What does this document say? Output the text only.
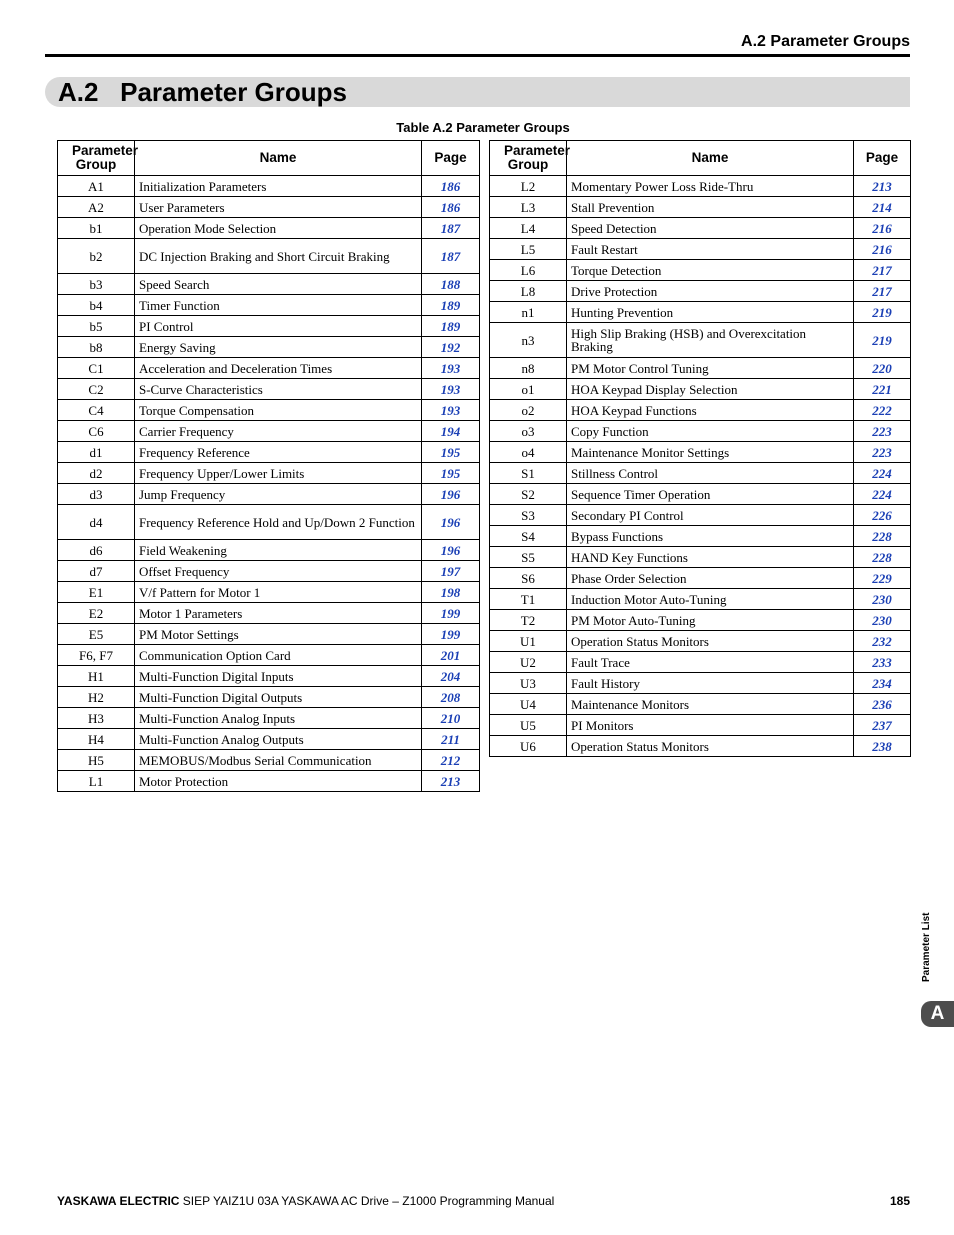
A.2 Parameter Groups
A.2   Parameter Groups
Table A.2 Parameter Groups
Parameter Group	Name	Page
A1	Initialization Parameters	186
A2	User Parameters	186
b1	Operation Mode Selection	187
b2	DC Injection Braking and Short Circuit Braking	187
b3	Speed Search	188
b4	Timer Function	189
b5	PI Control	189
b8	Energy Saving	192
C1	Acceleration and Deceleration Times	193
C2	S-Curve Characteristics	193
C4	Torque Compensation	193
C6	Carrier Frequency	194
d1	Frequency Reference	195
d2	Frequency Upper/Lower Limits	195
d3	Jump Frequency	196
d4	Frequency Reference Hold and Up/Down 2 Function	196
d6	Field Weakening	196
d7	Offset Frequency	197
E1	V/f Pattern for Motor 1	198
E2	Motor 1 Parameters	199
E5	PM Motor Settings	199
F6, F7	Communication Option Card	201
H1	Multi-Function Digital Inputs	204
H2	Multi-Function Digital Outputs	208
H3	Multi-Function Analog Inputs	210
H4	Multi-Function Analog Outputs	211
H5	MEMOBUS/Modbus Serial Communication	212
L1	Motor Protection	213
Parameter Group	Name	Page
L2	Momentary Power Loss Ride-Thru	213
L3	Stall Prevention	214
L4	Speed Detection	216
L5	Fault Restart	216
L6	Torque Detection	217
L8	Drive Protection	217
n1	Hunting Prevention	219
n3	High Slip Braking (HSB) and Overexcitation Braking	219
n8	PM Motor Control Tuning	220
o1	HOA Keypad Display Selection	221
o2	HOA Keypad Functions	222
o3	Copy Function	223
o4	Maintenance Monitor Settings	223
S1	Stillness Control	224
S2	Sequence Timer Operation	224
S3	Secondary PI Control	226
S4	Bypass Functions	228
S5	HAND Key Functions	228
S6	Phase Order Selection	229
T1	Induction Motor Auto-Tuning	230
T2	PM Motor Auto-Tuning	230
U1	Operation Status Monitors	232
U2	Fault Trace	233
U3	Fault History	234
U4	Maintenance Monitors	236
U5	PI Monitors	237
U6	Operation Status Monitors	238
Parameter List
A
YASKAWA ELECTRIC SIEP YAIZ1U 03A YASKAWA AC Drive – Z1000 Programming Manual	185
